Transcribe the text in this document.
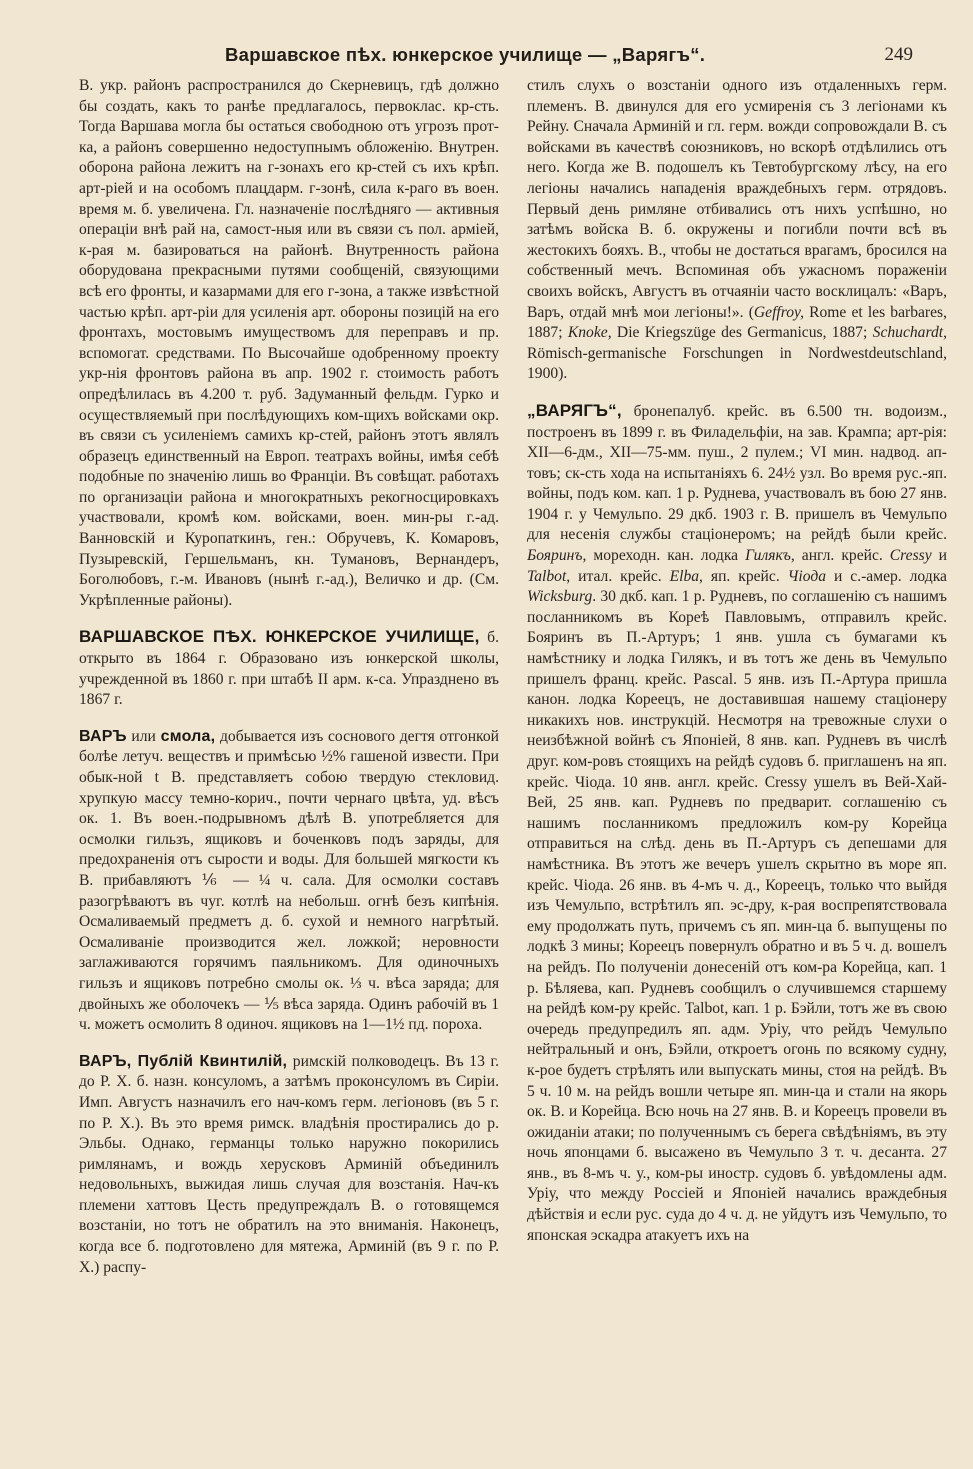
Варшавское пѣх. юнкерское училище — „Варягъ“.	249

В. укр. районъ распространился до Скерневицъ, гдѣ должно бы создать, какъ то ранѣе предлагалось, первоклас. кр-сть. Тогда Варшава могла бы остаться свободною отъ угрозъ прот-ка, а районъ совершенно недоступнымъ обложенію. Внутрен. оборона района лежитъ на г-зонахъ его кр-стей съ ихъ крѣп. арт-ріей и на особомъ плацдарм. г-зонѣ, сила к-раго въ воен. время м. б. увеличена. Гл. назначеніе послѣдняго — активныя операціи внѣ рай на, самост-ныя или въ связи съ пол. арміей, к-рая м. базироваться на районѣ. Внутренность района оборудована прекрасными путями сообщеній, связующими всѣ его фронты, и казармами для его г-зона, а также извѣстной частью крѣп. арт-ріи для усиленія арт. обороны позицій на его фронтахъ, мостовымъ имуществомъ для переправъ и пр. вспомогат. средствами. По Высочайше одобренному проекту укр-нія фронтовъ района въ апр. 1902 г. стоимость работъ опредѣлилась въ 4.200 т. руб. Задуманный фельдм. Гурко и осуществляемый при послѣдующихъ ком-щихъ войсками окр. въ связи съ усиленіемъ самихъ кр-стей, районъ этотъ являлъ образецъ единственный на Европ. театрахъ войны, имѣя себѣ подобные по значенію лишь во Франціи. Въ совѣщат. работахъ по организаціи района и многократныхъ рекогносцировкахъ участвовали, кромѣ ком. войсками, воен. мин-ры г.-ад. Ванновскій и Куропаткинъ, ген.: Обручевъ, К. Комаровъ, Пузыревскій, Гершельманъ, кн. Тумановъ, Вернандеръ, Боголюбовъ, г.-м. Ивановъ (нынѣ г.-ад.), Величко и др. (См. Укрѣпленные районы).

ВАРШАВСКОЕ ПѢХ. ЮНКЕРСКОЕ УЧИЛИЩЕ, б. открыто въ 1864 г. Образовано изъ юнкерской школы, учрежденной въ 1860 г. при штабѣ II арм. к-са. Упразднено въ 1867 г.

ВАРЪ или смола, добывается изъ соснового дегтя отгонкой болѣе летуч. веществъ и примѣсью ½% гашеной извести. При обык-ной t В. представляетъ собою твердую стекловид. хрупкую массу темно-корич., почти чернаго цвѣта, уд. вѣсъ ок. 1. Въ воен.-подрывномъ дѣлѣ В. употребляется для осмолки гильзъ, ящиковъ и боченковъ подъ заряды, для предохраненія отъ сырости и воды. Для большей мягкости къ В. прибавляютъ ⅙ — ¼ ч. сала. Для осмолки составъ разогрѣваютъ въ чуг. котлѣ на небольш. огнѣ безъ кипѣнія. Осмаливаемый предметъ д. б. сухой и немного нагрѣтый. Осмаливаніе производится жел. ложкой; неровности заглаживаются горячимъ паяльникомъ. Для одиночныхъ гильзъ и ящиковъ потребно смолы ок. ⅓ ч. вѣса заряда; для двойныхъ же оболочекъ — ⅕ вѣса заряда. Одинъ рабочій въ 1 ч. можетъ осмолить 8 одиноч. ящиковъ на 1—1½ пд. пороха.

ВАРЪ, Публій Квинтилій, римскій полководецъ. Въ 13 г. до Р. Х. б. назн. консуломъ, а затѣмъ проконсуломъ въ Сиріи. Имп. Августъ назначилъ его нач-комъ герм. легіоновъ (въ 5 г. по Р. Х.). Въ это время римск. владѣнія простирались до р. Эльбы. Однако, германцы только наружно покорились римлянамъ, и вождь херусковъ Арминій объединилъ недовольныхъ, выжидая лишь случая для возстанія. Нач-къ племени хаттовъ Цесть предупреждалъ В. о готовящемся возстаніи, но тотъ не обратилъ на это вниманія. Наконецъ, когда все б. подготовлено для мятежа, Арминій (въ 9 г. по Р. Х.) распу-

стилъ слухъ о возстаніи одного изъ отдаленныхъ герм. племенъ. В. двинулся для его усмиренія съ 3 легіонами къ Рейну. Сначала Арминій и гл. герм. вожди сопровождали В. съ войсками въ качествѣ союзниковъ, но вскорѣ отдѣлились отъ него. Когда же В. подошелъ къ Тевтобургскому лѣсу, на его легіоны начались нападенія враждебныхъ герм. отрядовъ. Первый день римляне отбивались отъ нихъ успѣшно, но затѣмъ войска В. б. окружены и погибли почти всѣ въ жестокихъ бояхъ. В., чтобы не достаться врагамъ, бросился на собственный мечъ. Вспоминая объ ужасномъ пораженіи своихъ войскъ, Августъ въ отчаяніи часто восклицалъ: «Варъ, Варъ, отдай мнѣ мои легіоны!». (Geffroy, Rome et les barbares, 1887; Knoke, Die Kriegszüge des Germanicus, 1887; Schuchardt, Römisch-germanische Forschungen in Nordwestdeutschland, 1900).

„ВАРЯГЪ“, бронепалуб. крейс. въ 6.500 тн. водоизм., построенъ въ 1899 г. въ Филадельфіи, на зав. Крампа; арт-рія: XII—6-дм., XII—75-мм. пуш., 2 пулем.; VI мин. надвод. ап-товъ; ск-сть хода на испытаніяхъ 6. 24½ узл. Во время рус.-яп. войны, подъ ком. кап. 1 р. Руднева, участвовалъ въ бою 27 янв. 1904 г. у Чемульпо. 29 дкб. 1903 г. В. пришелъ въ Чемульпо для несенія службы стаціонеромъ; на рейдѣ были крейс. Бояринъ, мореходн. кан. лодка Гилякъ, англ. крейс. Cressy и Talbot, итал. крейс. Elba, яп. крейс. Чіода и с.-амер. лодка Wicksburg. 30 дкб. кап. 1 р. Рудневъ, по соглашенію съ нашимъ посланникомъ въ Кореѣ Павловымъ, отправилъ крейс. Бояринъ въ П.-Артуръ; 1 янв. ушла съ бумагами къ намѣстнику и лодка Гилякъ, и въ тотъ же день въ Чемульпо пришелъ франц. крейс. Pascal. 5 янв. изъ П.-Артура пришла канон. лодка Кореецъ, не доставившая нашему стаціонеру никакихъ нов. инструкцій. Несмотря на тревожные слухи о неизбѣжной войнѣ съ Японіей, 8 янв. кап. Рудневъ въ числѣ друг. ком-ровъ стоящихъ на рейдѣ судовъ б. приглашенъ на яп. крейс. Чіода. 10 янв. англ. крейс. Cressy ушелъ въ Вей-Хай-Вей, 25 янв. кап. Рудневъ по предварит. соглашенію съ нашимъ посланникомъ предложилъ ком-ру Корейца отправиться на слѣд. день въ П.-Артуръ съ депешами для намѣстника. Въ этотъ же вечеръ ушелъ скрытно въ море яп. крейс. Чіода. 26 янв. въ 4-мъ ч. д., Кореецъ, только что выйдя изъ Чемульпо, встрѣтилъ яп. эс-дру, к-рая воспрепятствовала ему продолжать путь, причемъ съ яп. мин-ца б. выпущены по лодкѣ 3 мины; Кореецъ повернулъ обратно и въ 5 ч. д. вошелъ на рейдъ. По полученіи донесеній отъ ком-ра Корейца, кап. 1 р. Бѣляева, кап. Рудневъ сообщилъ о случившемся старшему на рейдѣ ком-ру крейс. Talbot, кап. 1 р. Бэйли, тотъ же въ свою очередь предупредилъ яп. адм. Уріу, что рейдъ Чемульпо нейтральный и онъ, Бэйли, откроетъ огонь по всякому судну, к-рое будетъ стрѣлять или выпускать мины, стоя на рейдѣ. Въ 5 ч. 10 м. на рейдъ вошли четыре яп. мин-ца и стали на якорь ок. В. и Корейца. Всю ночь на 27 янв. В. и Кореецъ провели въ ожиданіи атаки; по полученнымъ съ берега свѣдѣніямъ, въ эту ночь японцами б. высажено въ Чемульпо 3 т. ч. десанта. 27 янв., въ 8-мъ ч. у., ком-ры иностр. судовъ б. увѣдомлены адм. Уріу, что между Россіей и Японіей начались враждебныя дѣйствія и если рус. суда до 4 ч. д. не уйдутъ изъ Чемульпо, то японская эскадра атакуетъ ихъ на
